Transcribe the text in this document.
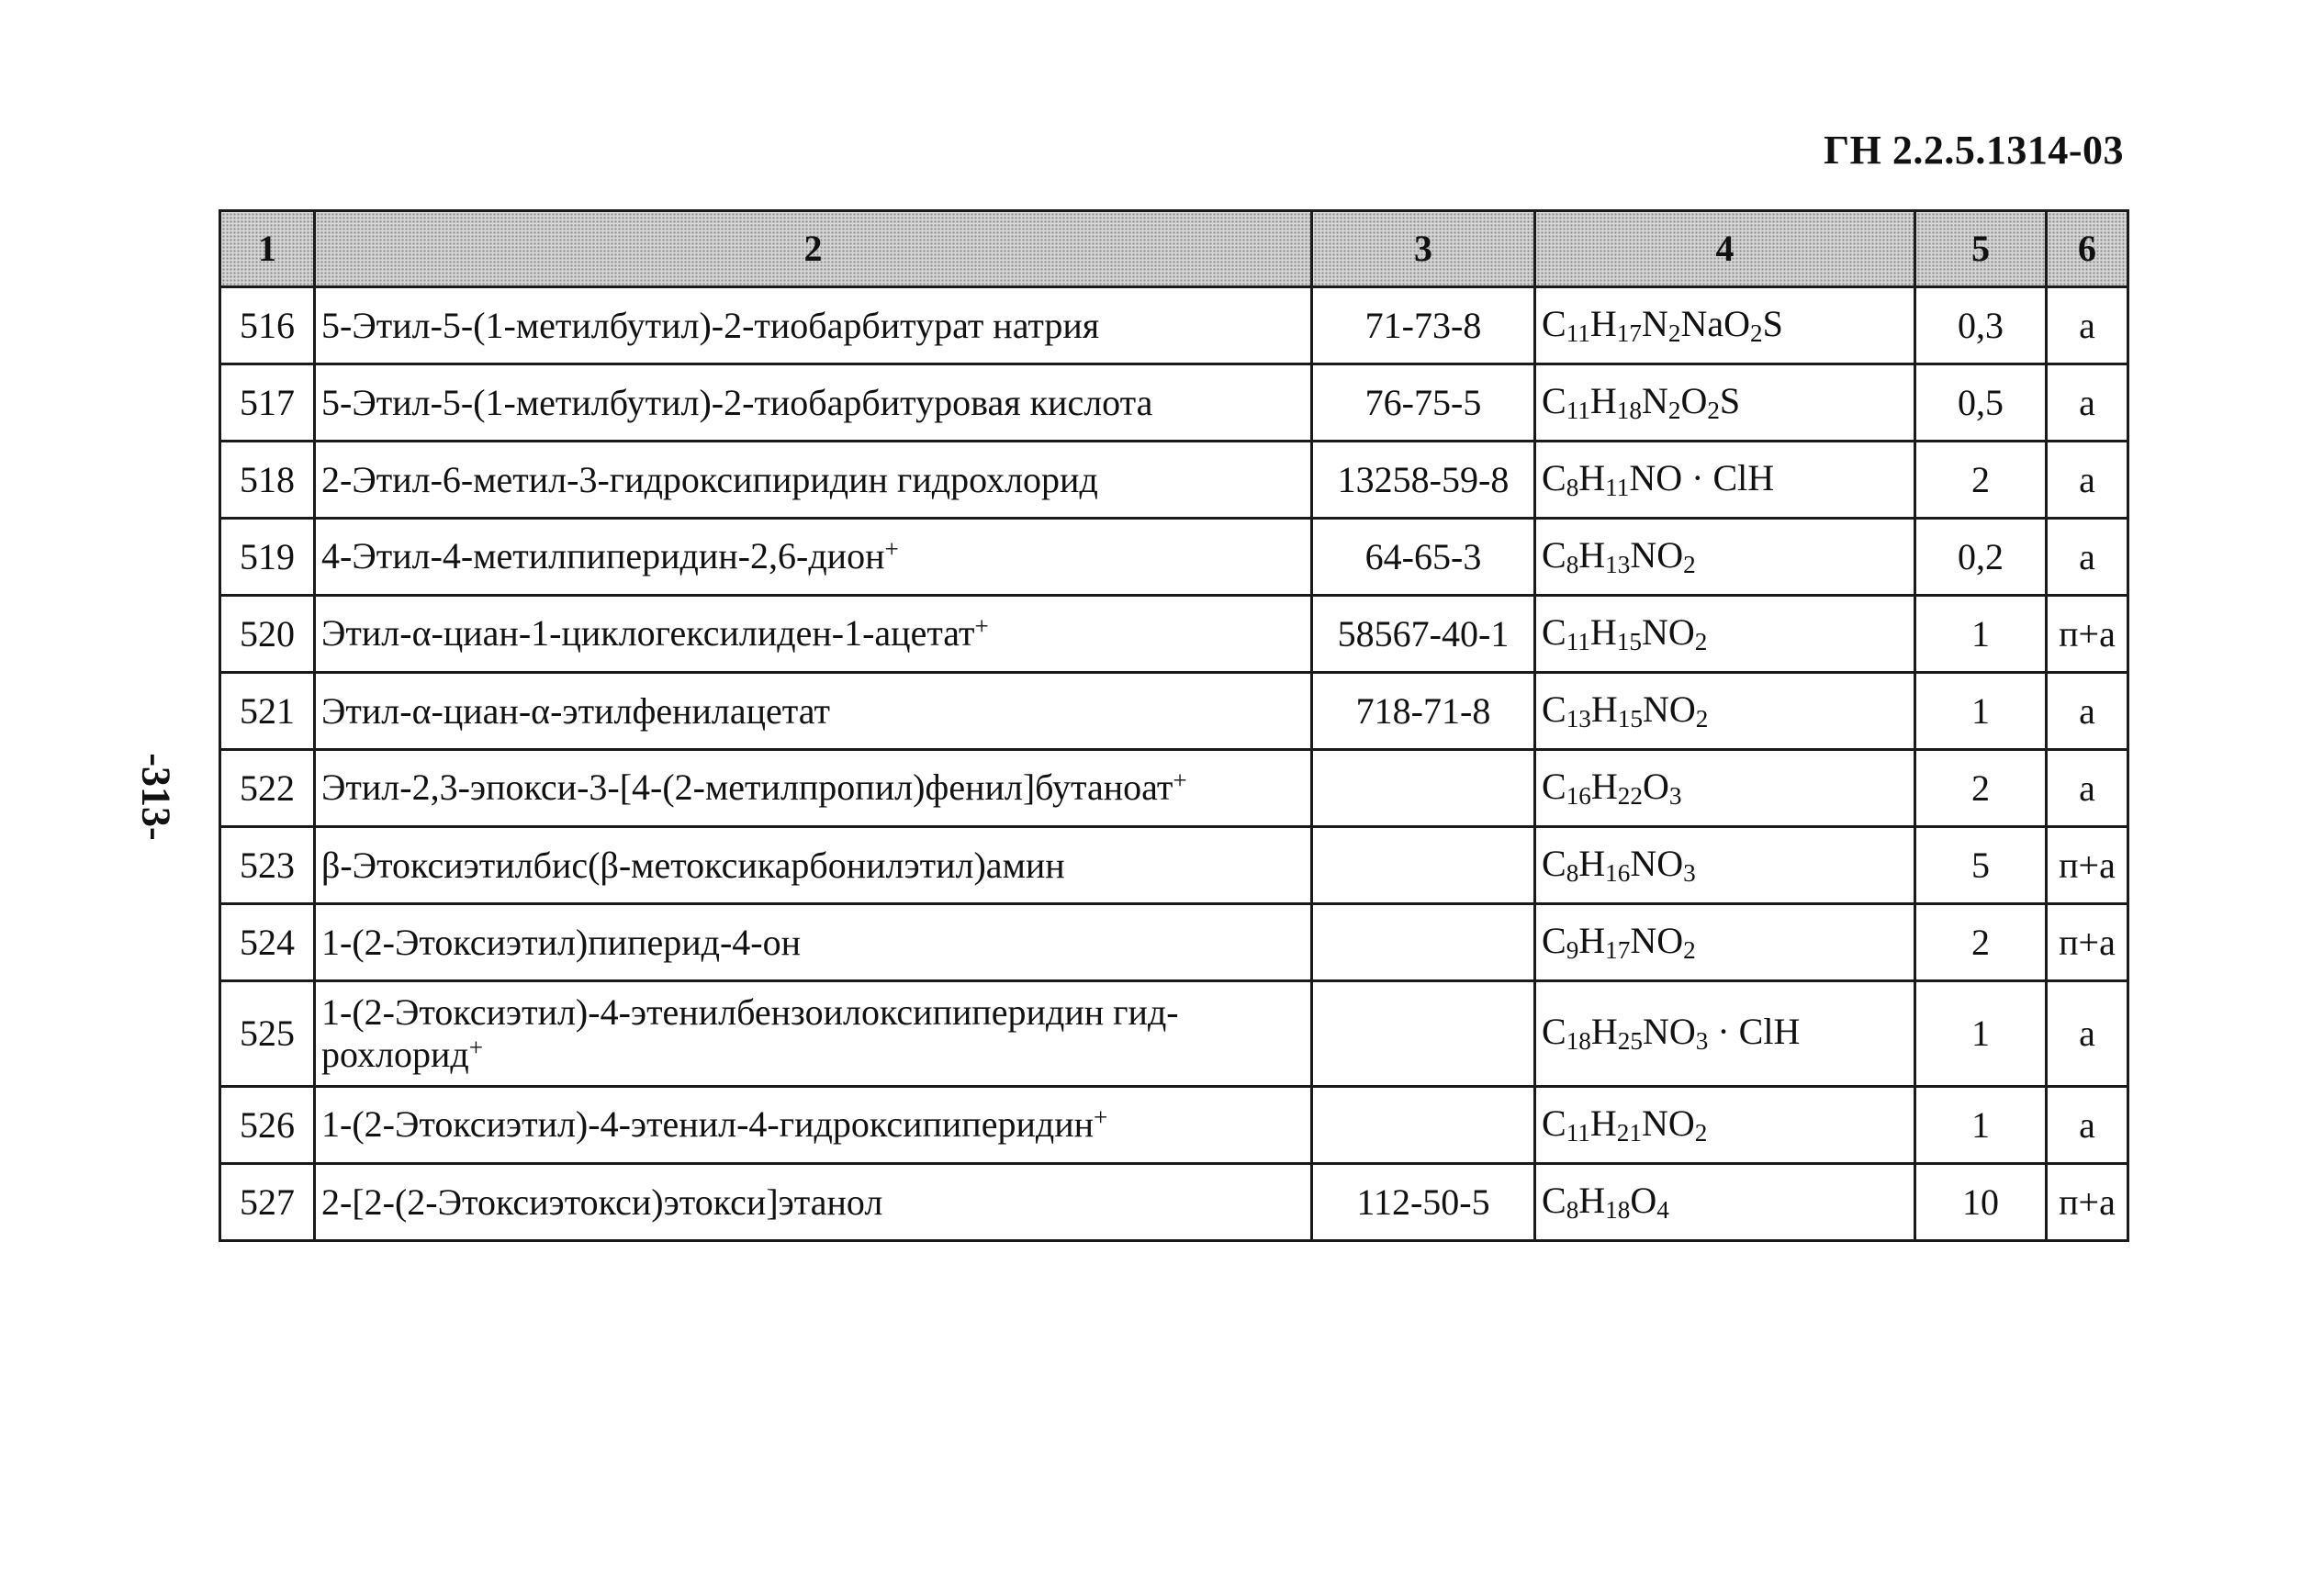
ГН 2.2.5.1314-03
-313-
1	2	3	4	5	6
516	5-Этил-5-(1-метилбутил)-2-тиобарбитурат натрия	71-73-8	$C_{11}H_{17}N_2NaO_2S$	0,3	а
517	5-Этил-5-(1-метилбутил)-2-тиобарбитуровая кислота	76-75-5	$C_{11}H_{18}N_2O_2S$	0,5	а
518	2-Этил-6-метил-3-гидроксипиридин гидрохлорид	13258-59-8	$C_8H_{11}NO$ · ClH	2	а
519	4-Этил-4-метилпиперидин-2,6-дион+	64-65-3	$C_8H_{13}NO_2$	0,2	а
520	Этил-α-циан-1-циклогексилиден-1-ацетат+	58567-40-1	$C_{11}H_{15}NO_2$	1	п+а
521	Этил-α-циан-α-этилфенилацетат	718-71-8	$C_{13}H_{15}NO_2$	1	а
522	Этил-2,3-эпокси-3-[4-(2-метилпропил)фенил]бутаноат+		$C_{16}H_{22}O_3$	2	а
523	β-Этоксиэтилбис(β-метоксикарбонилэтил)амин		$C_8H_{16}NO_3$	5	п+а
524	1-(2-Этоксиэтил)пиперид-4-он		$C_9H_{17}NO_2$	2	п+а
525	1-(2-Этоксиэтил)-4-этенилбензоилоксипиперидин гид-
рохлорид+		$C_{18}H_{25}NO_3$ · ClH	1	а
526	1-(2-Этоксиэтил)-4-этенил-4-гидроксипиперидин+		$C_{11}H_{21}NO_2$	1	а
527	2-[2-(2-Этоксиэтокси)этокси]этанол	112-50-5	$C_8H_{18}O_4$	10	п+а
